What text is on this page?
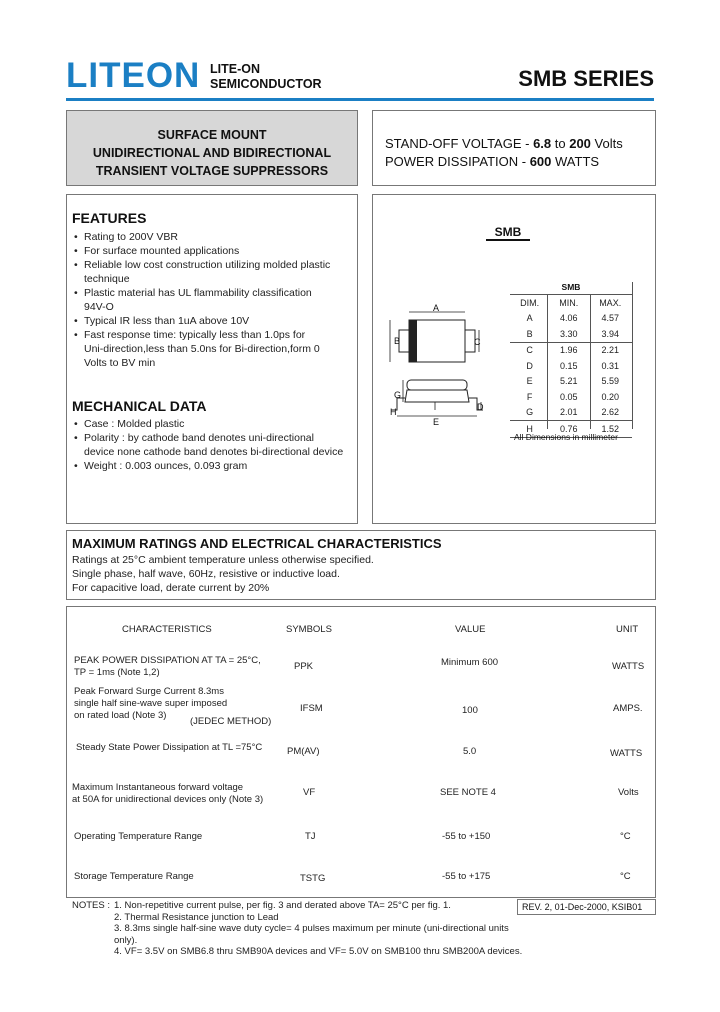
LITEON LITE-ON
SEMICONDUCTOR	SMB SERIES
SURFACE MOUNT
UNIDIRECTIONAL AND BIDIRECTIONAL
TRANSIENT VOLTAGE SUPPRESSORS
STAND-OFF VOLTAGE - 6.8 to 200 Volts
POWER DISSIPATION - 600 WATTS
FEATURES
• Rating to 200V VBR
• For surface mounted applications
• Reliable low cost construction utilizing molded plastic
technique
• Plastic material has UL flammability classification
94V-O
• Typical IR less than 1uA above 10V
• Fast response time: typically less than 1.0ps for
Uni-direction,less than 5.0ns for Bi-direction,form 0
Volts to BV min
MECHANICAL DATA
• Case : Molded plastic
• Polarity : by cathode band denotes uni-directional
device none cathode band denotes bi-directional device
• Weight : 0.003 ounces, 0.093 gram
SMB
A
B	C
G
H	D
E
SMB
DIM.	MIN.	MAX.
A	4.06	4.57
B	3.30	3.94
C	1.96	2.21
D	0.15	0.31
E	5.21	5.59
F	0.05	0.20
G	2.01	2.62
H	0.76	1.52
All Dimensions in millimeter
MAXIMUM RATINGS AND ELECTRICAL CHARACTERISTICS
Ratings at 25°C ambient temperature unless otherwise specified.
Single phase, half wave, 60Hz, resistive or inductive load.
For capacitive load, derate current by 20%
CHARACTERISTICS	SYMBOLS	VALUE	UNIT
PEAK POWER DISSIPATION AT TA = 25°C,
TP = 1ms (Note 1,2)
PPK	Minimum 600	WATTS
Peak Forward Surge Current 8.3ms
single half sine-wave super imposed
on rated load (Note 3)
(JEDEC METHOD)
IFSM	100	AMPS.
Steady State Power Dissipation at TL =75°C	PM(AV)	5.0	WATTS
Maximum Instantaneous forward voltage
at 50A for unidirectional devices only (Note 3)
VF	SEE NOTE 4	Volts
Operating Temperature Range	TJ	-55 to +150	°C
Storage Temperature Range	TSTG	-55 to +175	°C
NOTES : 1. Non-repetitive current pulse, per fig. 3 and derated above TA= 25°C per fig. 1.
2. Thermal Resistance junction to Lead
3. 8.3ms single half-sine wave duty cycle= 4 pulses maximum per minute (uni-directional units only).
4. VF= 3.5V on SMB6.8 thru SMB90A devices and VF= 5.0V on SMB100 thru SMB200A devices.
REV. 2, 01-Dec-2000, KSIB01
